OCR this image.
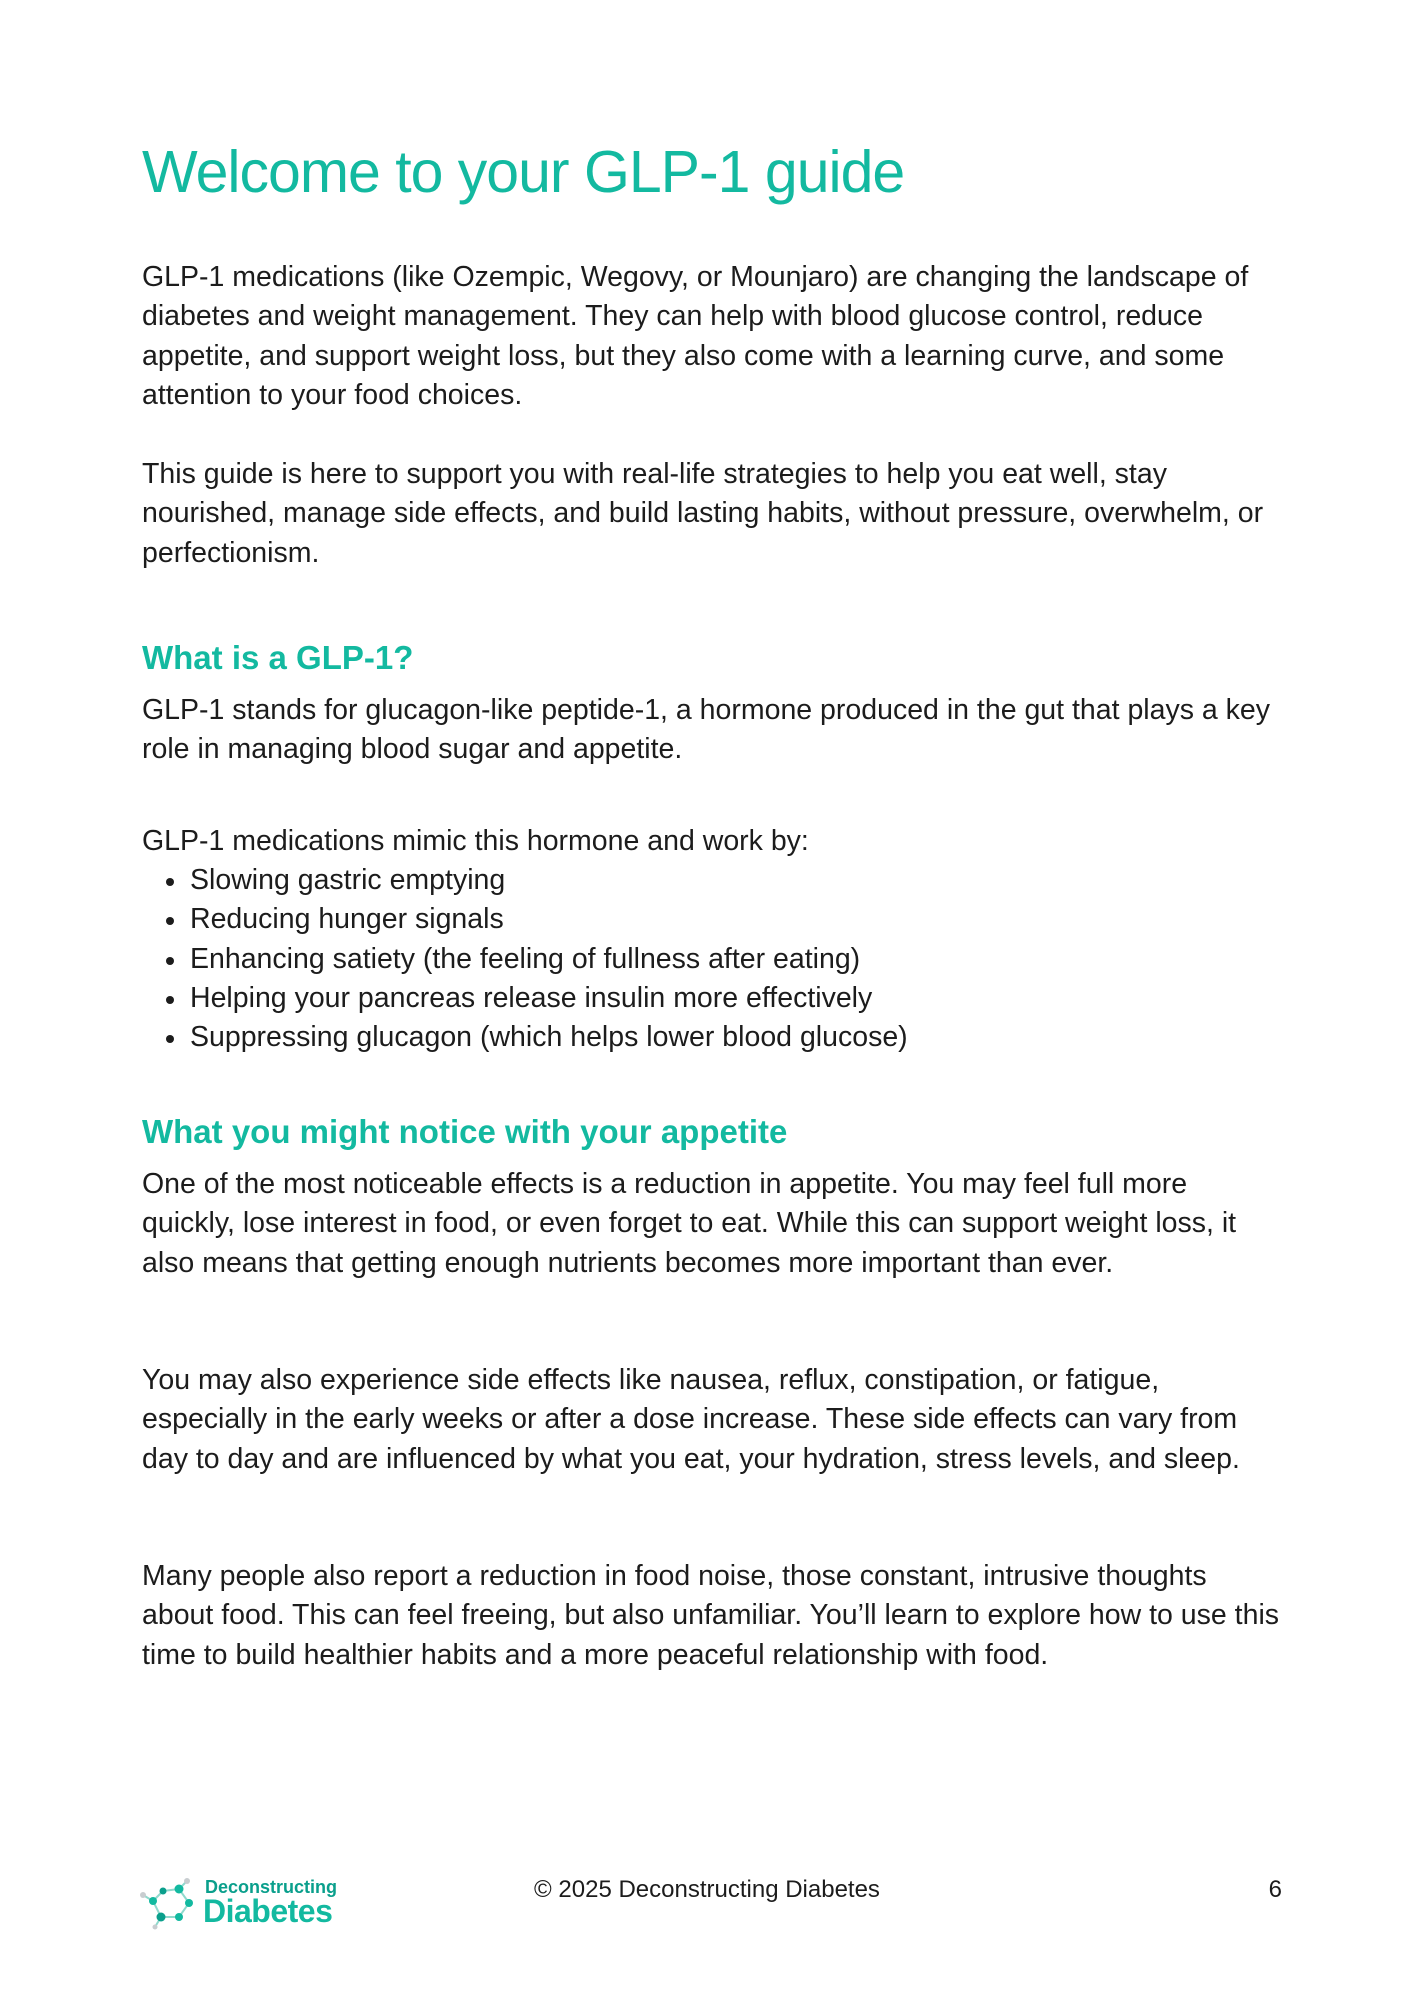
Welcome to your GLP-1 guide

GLP-1 medications (like Ozempic, Wegovy, or Mounjaro) are changing the landscape of diabetes and weight management. They can help with blood glucose control, reduce appetite, and support weight loss, but they also come with a learning curve, and some attention to your food choices.

This guide is here to support you with real-life strategies to help you eat well, stay nourished, manage side effects, and build lasting habits, without pressure, overwhelm, or perfectionism.

What is a GLP-1?

GLP-1 stands for glucagon-like peptide-1, a hormone produced in the gut that plays a key role in managing blood sugar and appetite.

GLP-1 medications mimic this hormone and work by:

Slowing gastric emptying
Reducing hunger signals
Enhancing satiety (the feeling of fullness after eating)
Helping your pancreas release insulin more effectively
Suppressing glucagon (which helps lower blood glucose)
What you might notice with your appetite

One of the most noticeable effects is a reduction in appetite. You may feel full more quickly, lose interest in food, or even forget to eat. While this can support weight loss, it also means that getting enough nutrients becomes more important than ever.

You may also experience side effects like nausea, reflux, constipation, or fatigue, especially in the early weeks or after a dose increase. These side effects can vary from day to day and are influenced by what you eat, your hydration, stress levels, and sleep.

Many people also report a reduction in food noise, those constant, intrusive thoughts about food. This can feel freeing, but also unfamiliar. You’ll learn to explore how to use this time to build healthier habits and a more peaceful relationship with food.

Deconstructing
Diabetes
© 2025 Deconstructing Diabetes	6
